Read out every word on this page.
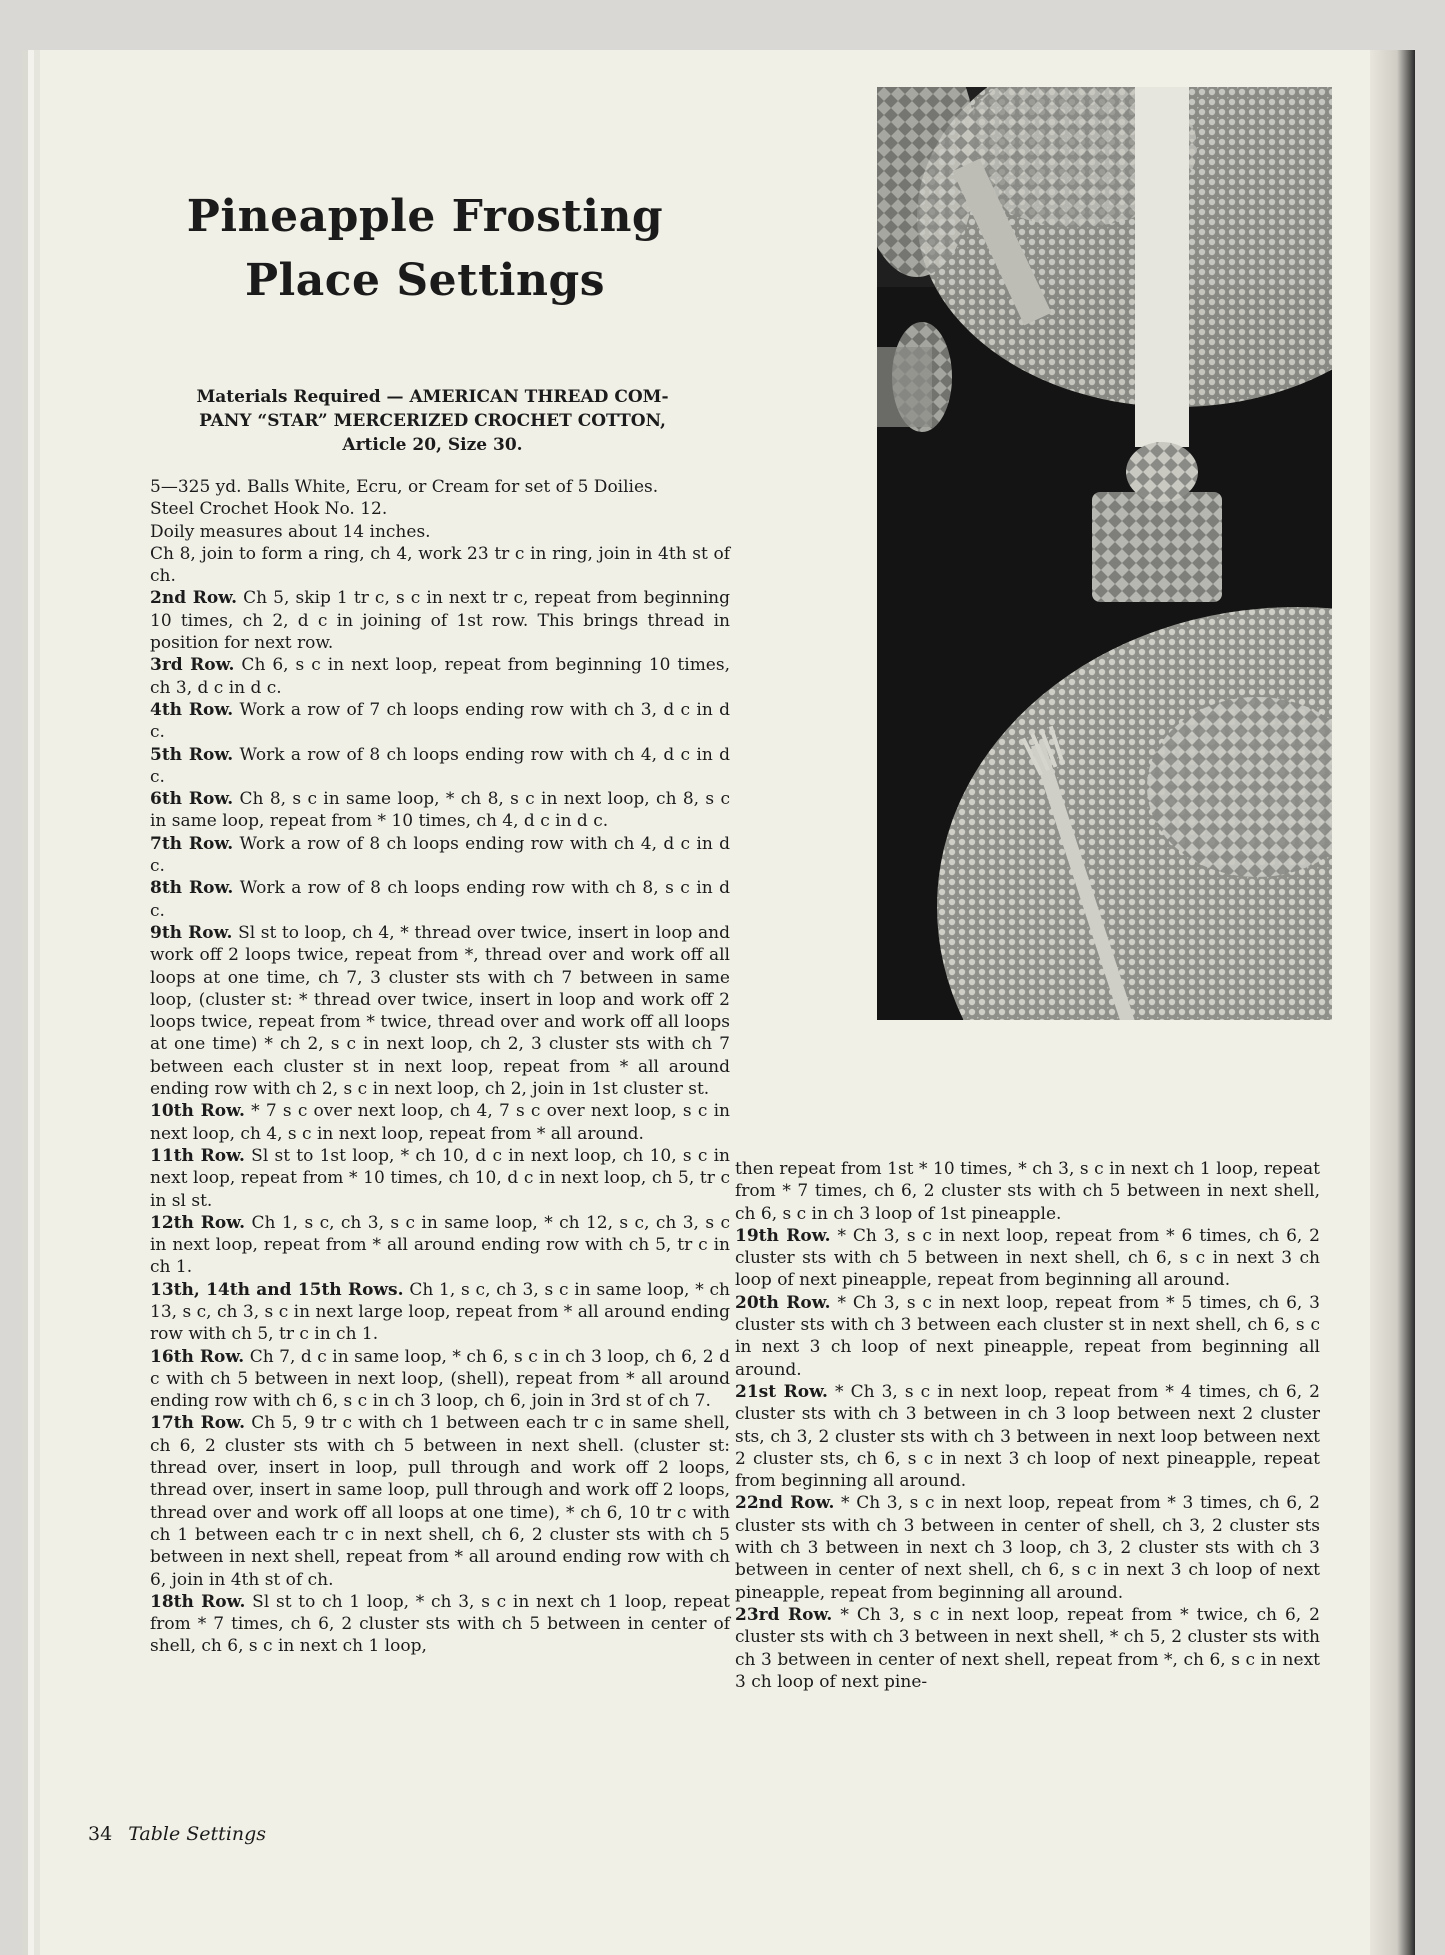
Pineapple Frosting
Place Settings
Materials Required — AMERICAN THREAD COM-
PANY “STAR” MERCERIZED CROCHET COTTON,
Article 20, Size 30.

5—325 yd. Balls White, Ecru, or Cream for set of 5 Doilies.

Steel Crochet Hook No. 12.

Doily measures about 14 inches.

Ch 8, join to form a ring, ch 4, work 23 tr c in ring, join in 4th st of ch.

2nd Row. Ch 5, skip 1 tr c, s c in next tr c, repeat from beginning 10 times, ch 2, d c in joining of 1st row. This brings thread in position for next row.

3rd Row. Ch 6, s c in next loop, repeat from beginning 10 times, ch 3, d c in d c.

4th Row. Work a row of 7 ch loops ending row with ch 3, d c in d c.

5th Row. Work a row of 8 ch loops ending row with ch 4, d c in d c.

6th Row. Ch 8, s c in same loop, * ch 8, s c in next loop, ch 8, s c in same loop, repeat from * 10 times, ch 4, d c in d c.

7th Row. Work a row of 8 ch loops ending row with ch 4, d c in d c.

8th Row. Work a row of 8 ch loops ending row with ch 8, s c in d c.

9th Row. Sl st to loop, ch 4, * thread over twice, insert in loop and work off 2 loops twice, repeat from *, thread over and work off all loops at one time, ch 7, 3 cluster sts with ch 7 between in same loop, (cluster st: * thread over twice, insert in loop and work off 2 loops twice, repeat from * twice, thread over and work off all loops at one time) * ch 2, s c in next loop, ch 2, 3 cluster sts with ch 7 between each cluster st in next loop, repeat from * all around ending row with ch 2, s c in next loop, ch 2, join in 1st cluster st.

10th Row. * 7 s c over next loop, ch 4, 7 s c over next loop, s c in next loop, ch 4, s c in next loop, repeat from * all around.

11th Row. Sl st to 1st loop, * ch 10, d c in next loop, ch 10, s c in next loop, repeat from * 10 times, ch 10, d c in next loop, ch 5, tr c in sl st.

12th Row. Ch 1, s c, ch 3, s c in same loop, * ch 12, s c, ch 3, s c in next loop, repeat from * all around ending row with ch 5, tr c in ch 1.

13th, 14th and 15th Rows. Ch 1, s c, ch 3, s c in same loop, * ch 13, s c, ch 3, s c in next large loop, repeat from * all around ending row with ch 5, tr c in ch 1.

16th Row. Ch 7, d c in same loop, * ch 6, s c in ch 3 loop, ch 6, 2 d c with ch 5 between in next loop, (shell), repeat from * all around ending row with ch 6, s c in ch 3 loop, ch 6, join in 3rd st of ch 7.

17th Row. Ch 5, 9 tr c with ch 1 between each tr c in same shell, ch 6, 2 cluster sts with ch 5 between in next shell. (cluster st: thread over, insert in loop, pull through and work off 2 loops, thread over, insert in same loop, pull through and work off 2 loops, thread over and work off all loops at one time), * ch 6, 10 tr c with ch 1 between each tr c in next shell, ch 6, 2 cluster sts with ch 5 between in next shell, repeat from * all around ending row with ch 6, join in 4th st of ch.

18th Row. Sl st to ch 1 loop, * ch 3, s c in next ch 1 loop, repeat from * 7 times, ch 6, 2 cluster sts with ch 5 between in center of shell, ch 6, s c in next ch 1 loop,

then repeat from 1st * 10 times, * ch 3, s c in next ch 1 loop, repeat from * 7 times, ch 6, 2 cluster sts with ch 5 between in next shell, ch 6, s c in ch 3 loop of 1st pineapple.

19th Row. * Ch 3, s c in next loop, repeat from * 6 times, ch 6, 2 cluster sts with ch 5 between in next shell, ch 6, s c in next 3 ch loop of next pineapple, repeat from beginning all around.

20th Row. * Ch 3, s c in next loop, repeat from * 5 times, ch 6, 3 cluster sts with ch 3 between each cluster st in next shell, ch 6, s c in next 3 ch loop of next pineapple, repeat from beginning all around.

21st Row. * Ch 3, s c in next loop, repeat from * 4 times, ch 6, 2 cluster sts with ch 3 between in ch 3 loop between next 2 cluster sts, ch 3, 2 cluster sts with ch 3 between in next loop between next 2 cluster sts, ch 6, s c in next 3 ch loop of next pineapple, repeat from beginning all around.

22nd Row. * Ch 3, s c in next loop, repeat from * 3 times, ch 6, 2 cluster sts with ch 3 between in center of shell, ch 3, 2 cluster sts with ch 3 between in next ch 3 loop, ch 3, 2 cluster sts with ch 3 between in center of next shell, ch 6, s c in next 3 ch loop of next pineapple, repeat from beginning all around.

23rd Row. * Ch 3, s c in next loop, repeat from * twice, ch 6, 2 cluster sts with ch 3 between in next shell, * ch 5, 2 cluster sts with ch 3 between in center of next shell, repeat from *, ch 6, s c in next 3 ch loop of next pine-

34 Table Settings
